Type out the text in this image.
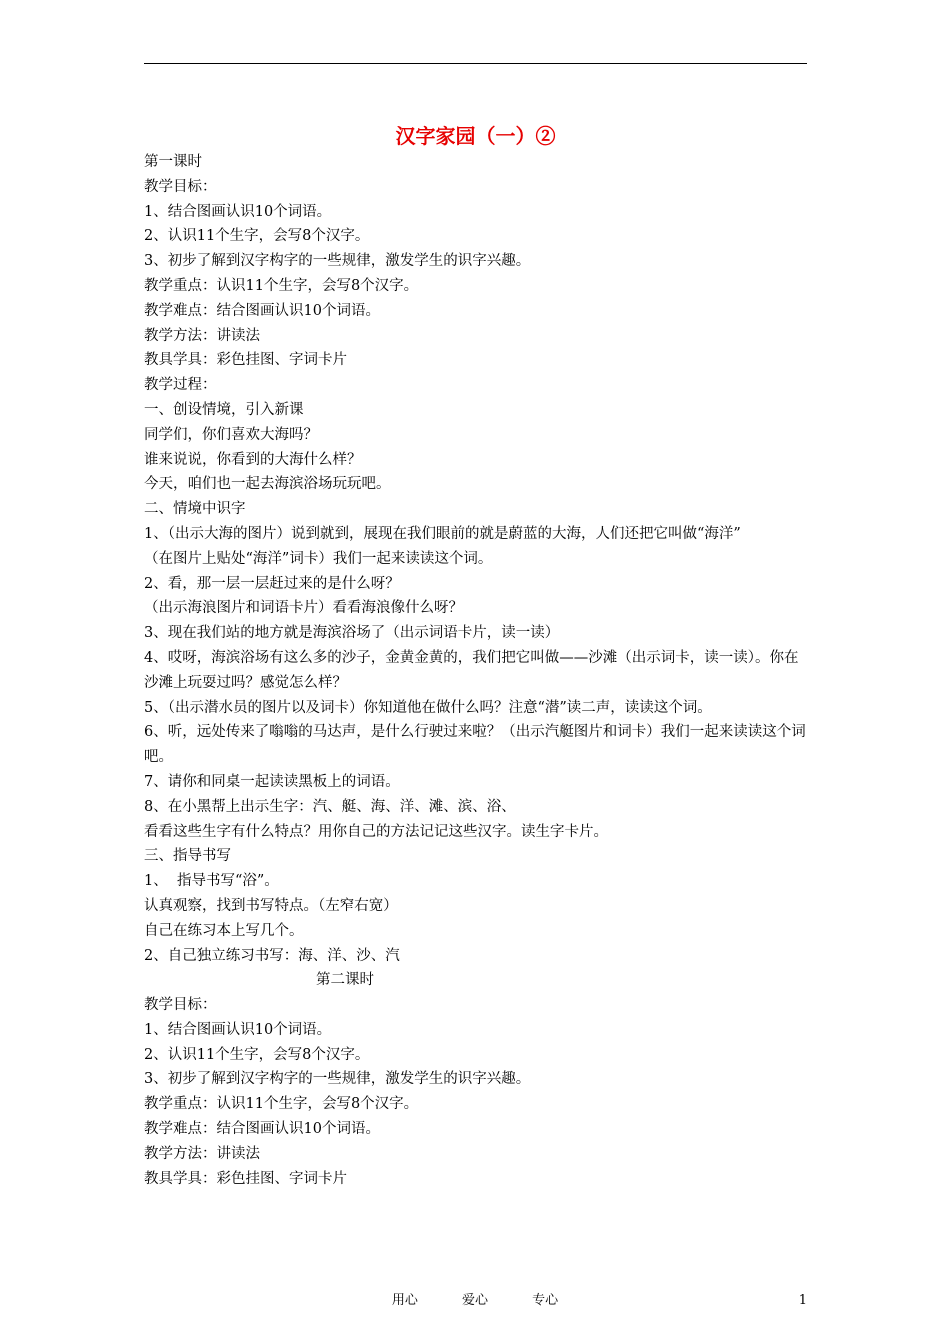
汉字家园（一）②

第一课时

教学目标：

1、结合图画认识10个词语。

2、认识11个生字，会写8个汉字。

3、初步了解到汉字构字的一些规律，激发学生的识字兴趣。

教学重点：认识11个生字，会写8个汉字。

教学难点：结合图画认识10个词语。

教学方法：讲读法

教具学具：彩色挂图、字词卡片

教学过程：

一、创设情境，引入新课

同学们，你们喜欢大海吗？

谁来说说，你看到的大海什么样？

今天，咱们也一起去海滨浴场玩玩吧。

二、情境中识字

1、（出示大海的图片）说到就到，展现在我们眼前的就是蔚蓝的大海，人们还把它叫做“海洋”

（在图片上贴处“海洋”词卡）我们一起来读读这个词。

2、看，那一层一层赶过来的是什么呀？

（出示海浪图片和词语卡片）看看海浪像什么呀？

3、现在我们站的地方就是海滨浴场了（出示词语卡片，读一读）

4、哎呀，海滨浴场有这么多的沙子，金黄金黄的，我们把它叫做——沙滩（出示词卡，读一读）。你在沙滩上玩耍过吗？感觉怎么样？

5、（出示潜水员的图片以及词卡）你知道他在做什么吗？注意“潜”读二声，读读这个词。

6、听，远处传来了嗡嗡的马达声，是什么行驶过来啦？（出示汽艇图片和词卡）我们一起来读读这个词吧。

7、请你和同桌一起读读黑板上的词语。

8、在小黑帮上出示生字：汽、艇、海、洋、滩、滨、浴、

看看这些生字有什么特点？用你自己的方法记记这些汉字。读生字卡片。

三、指导书写

1、  指导书写“浴”。

认真观察，找到书写特点。（左窄右宽）

自己在练习本上写几个。

2、自己独立练习书写：海、洋、沙、汽

第二课时

教学目标：

1、结合图画认识10个词语。

2、认识11个生字，会写8个汉字。

3、初步了解到汉字构字的一些规律，激发学生的识字兴趣。

教学重点：认识11个生字，会写8个汉字。

教学难点：结合图画认识10个词语。

教学方法：讲读法

教具学具：彩色挂图、字词卡片

用心	爱心	专心	1
